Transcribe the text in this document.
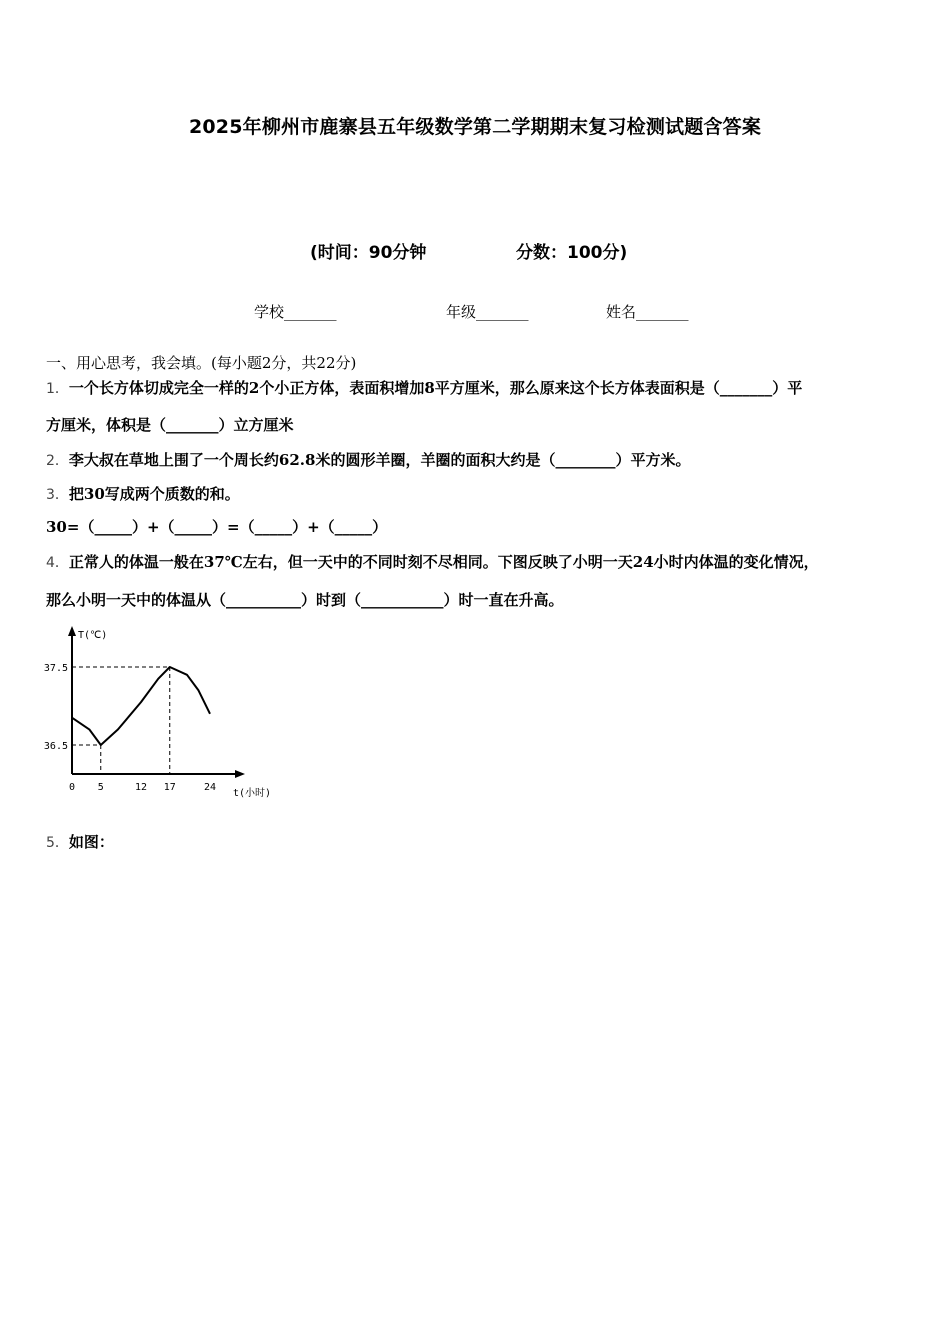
2025年柳州市鹿寨县五年级数学第二学期期末复习检测试题含答案
(时间：90分钟	分数：100分)
学校_______	年级_______	姓名_______
一、用心思考，我会填。(每小题2分，共22分)
1．一个长方体切成完全一样的2个小正方体，表面积增加8平方厘米，那么原来这个长方体表面积是（_______）平
方厘米，体积是（_______）立方厘米
2．李大叔在草地上围了一个周长约62.8米的圆形羊圈，羊圈的面积大约是（________）平方米。
3．把30写成两个质数的和。
30=（_____）+（_____）=（_____）+（_____）
4．正常人的体温一般在37℃左右，但一天中的不同时刻不尽相同。下图反映了小明一天24小时内体温的变化情况，
那么小明一天中的体温从（__________）时到（___________）时一直在升高。
T(℃)
t(小时)
0 5	12 17	24
36.5
37.5
5．如图：
